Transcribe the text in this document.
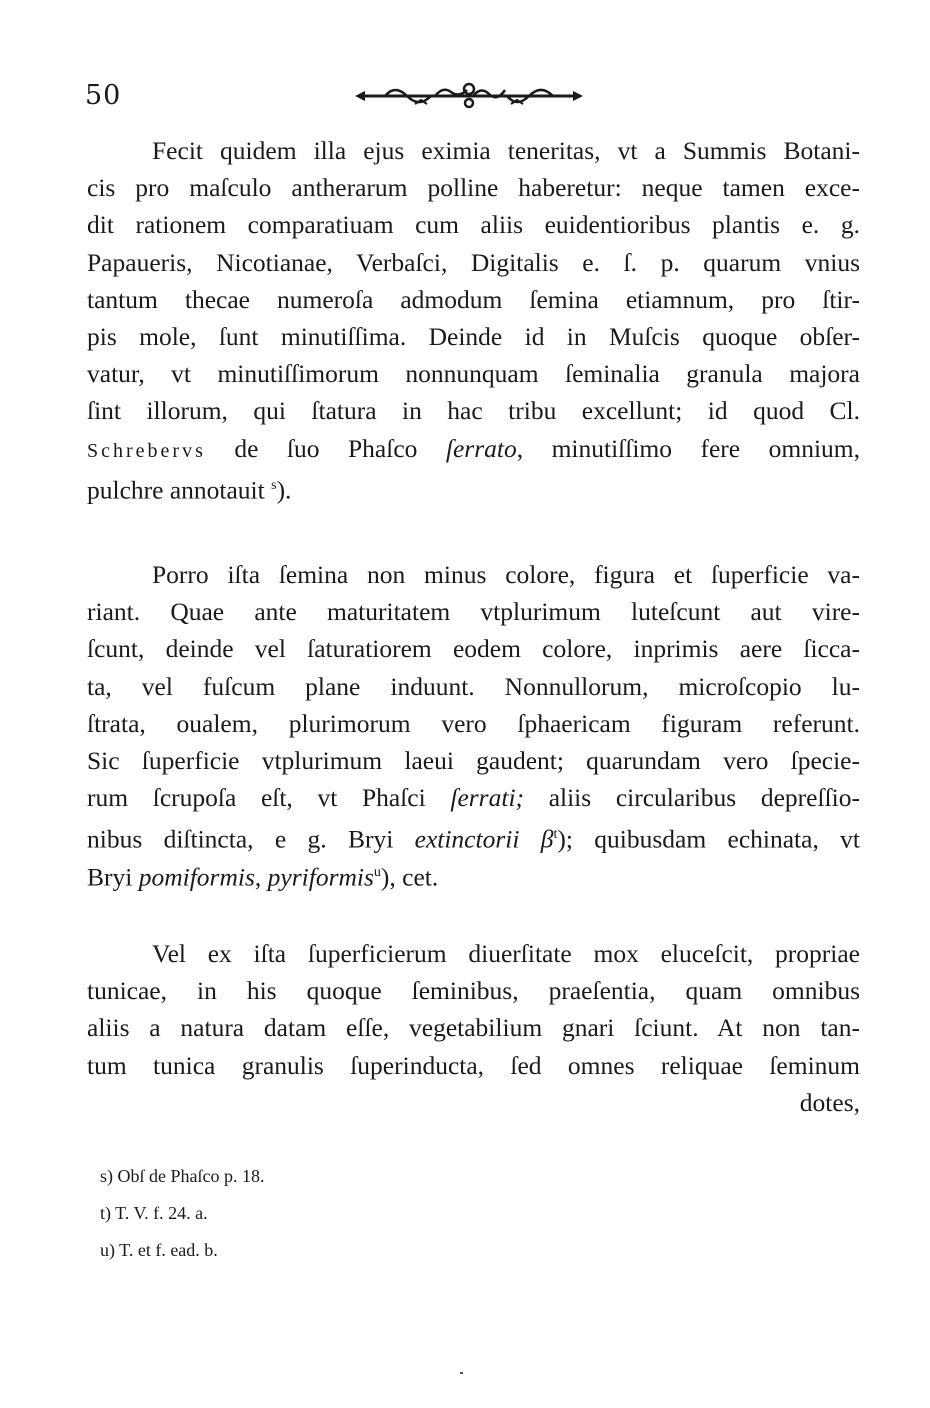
50
Fecit quidem illa ejus eximia teneritas, vt a Summis Botani-
cis pro maſculo antherarum polline haberetur: neque tamen exce-
dit rationem comparatiuam cum aliis euidentioribus plantis e. g.
Papaueris, Nicotianae, Verbaſci, Digitalis e. ſ. p. quarum vnius
tantum thecae numeroſa admodum ſemina etiamnum, pro ſtir-
pis mole, ſunt minutiſſima. Deinde id in Muſcis quoque obſer-
vatur, vt minutiſſimorum nonnunquam ſeminalia granula majora
ſint illorum, qui ſtatura in hac tribu excellunt; id quod Cl.
Schrebervs de ſuo Phaſco ſerrato, minutiſſimo fere omnium,
pulchre annotauit $^s$).
Porro iſta ſemina non minus colore, figura et ſuperficie va-
riant. Quae ante maturitatem vtplurimum luteſcunt aut vire-
ſcunt, deinde vel ſaturatiorem eodem colore, inprimis aere ſicca-
ta, vel fuſcum plane induunt. Nonnullorum, microſcopio lu-
ſtrata, oualem, plurimorum vero ſphaericam figuram referunt.
Sic ſuperficie vtplurimum laeui gaudent; quarundam vero ſpecie-
rum ſcrupoſa eſt, vt Phaſci ſerrati; aliis circularibus depreſſio-
nibus diſtincta, e g. Bryi extinctorii $\beta^t$); quibusdam echinata, vt
Bryi pomiformis, pyriformis$^u$), cet.
Vel ex iſta ſuperficierum diuerſitate mox eluceſcit, propriae
tunicae, in his quoque ſeminibus, praeſentia, quam omnibus
aliis a natura datam eſſe, vegetabilium gnari ſciunt. At non tan-
tum tunica granulis ſuperinducta, ſed omnes reliquae ſeminum
dotes,
s) Obſ de Phaſco p. 18.
t) T. V. f. 24. a.
u) T. et f. ead. b.
